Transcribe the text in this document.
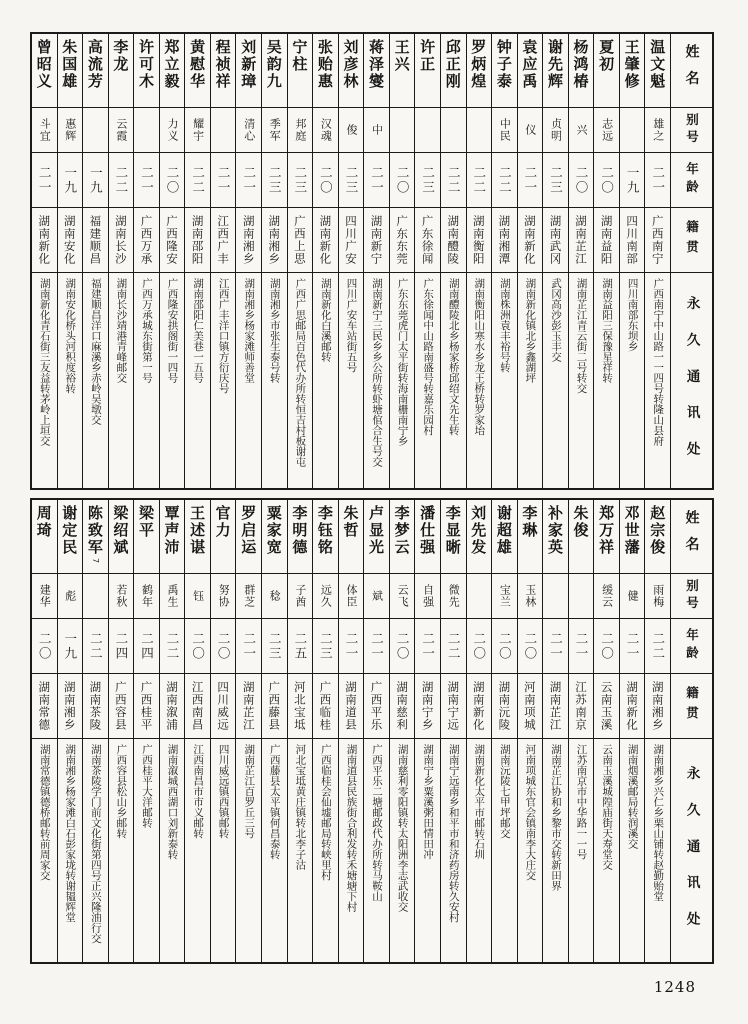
姓名
别号
年龄
籍贯
永久通讯处
温文魁
雄之
二一
广西南宁
广西南宁中山路一一四号转隆山县府
王肇修
一九
四川南部
四川南部东坝乡
夏初
志远
二〇
湖南益阳
湖南益阳三保豫星祥转
杨鸿椿
兴
二〇
湖南芷江
湖南芷江青云街二号转交
谢先辉
贞明
二三
湖南武冈
武冈高沙彭玉丰交
袁应禹
仪
二一
湖南新化
湖南新化镇北乡鑫湖坪
钟子泰
中民
二二
湖南湘潭
湖南株洲袁丰裕号转
罗炳煌
二二
湖南衡阳
湖南衡阳山寒水乡龙王桥转罗家坮
邱正刚
二二
湖南醴陵
湖南醴陵北乡杨家桥邱绍文先生转
许正
二三
广东徐闻
广东徐闻中山路南盛号转嘉乐园村
王兴
二〇
广东东莞
广东东莞虎门太平街转海南栅南宁乡
蒋泽燮
中
二一
湖南新宁
湖南新宁三民乡乡公所转虾塘倌合生号交
刘彦林
俊
二三
四川广安
四川广安车站街五号
张贻惠
汉魂
二〇
湖南新化
湖南新化白溪邮转
宁柱
邦庭
二三
广西上思
广西广思邮局百色代办所转恒吉村板谢屯
吴韵九
季军
二三
湖南湘乡
湖南湘乡市张生泰号转
刘新璋
清心
二一
湖南湘乡
湖南湘乡杨家滩师善堂
程祯祥
二一
江西广丰
江西广丰洋口镇方衍庆号
黄慰华
耀宇
二二
湖南邵阳
湖南邵阳仁美巷一五号
郑立毅
力义
二〇
广西隆安
广西隆安拱阁街一四号
许可木
二一
广西万承
广西万承城东街第一号
李龙
云霞
二二
湖南长沙
湖南长沙靖港青峰邮交
高流芳
一九
福建顺昌
福建顺昌洋口麻溪乡赤岭吴墩交
朱国雄
惠辉
一九
湖南安化
湖南安化桥头河积度裕转
曾昭义
斗宜
二一
湖南新化
湖南新化青石街三友益转茅岭上垣交
姓名
别号
年龄
籍贯
永久通讯处
赵宗俊
雨梅
二二
湖南湘乡
湖南湘乡兴仁乡栗山铺转赵勤贻堂
邓世藩
健
二一
湖南新化
湖南烟溪邮局转润溪交
郑万祥
缓云
二〇
云南玉溪
云南玉溪城隍庙街天寿堂交
朱俊
二一
江苏南京
江苏南京市中华路一一号
补家英
二一
湖南芷江
湖南芷江协和乡黎市交转新田界
李琳
玉林
二〇
河南项城
河南项城东官会镇南李大庄交
谢超雄
宝兰
二〇
湖南沅陵
湖南沅陵七甲坪邮交
刘先发
二〇
湖南新化
湖南新化太平市邮转石圳
李显晰
微先
二二
湖南宁远
湖南宁远南乡和平市和济药房转久安村
潘仕强
自强
二一
湖南宁乡
湖南宁乡粟溪粥田情田冲
李梦云
云飞
二〇
湖南慈利
湖南慈利零阳镇转太阳洲李志武收交
卢显光
斌
二一
广西平乐
广西平乐二塘邮政代办所转马鞍山
朱哲
体臣
二一
湖南道县
湖南道县民族街合利发转禾塘塘下村
李钰铭
远久
二三
广西临桂
广西临桂会仙墟邮局转峡里村
李明德
子酋
二五
河北宝坻
河北宝坻黄庄镇转北李子沽
粟家宽
稔
二三
广西藤县
广西藤县太平镇何昌泰转
罗启运
群芝
二一
湖南芷江
湖南芷江百罗丘三号
官力
努协
二〇
四川威远
四川威远镇西镇邮转
王述谌
钰
二〇
江西南昌
江西南昌市市义邮转
覃声沛
禹生
二二
湖南溆浦
湖南溆城西湖口刘新泰转
梁平
鹤年
二四
广西桂平
广西桂平大洋邮转
梁绍斌
若秋
二四
广西容县
广西容县松山乡邮转
陈致军
7
二二
湖南茶陵
湖南茶陵学门前文化街第四号正兴隆油行交
谢定民
彪
一九
湖南湘乡
湖南湘乡杨家滩白石彭家垅转谢韫辉堂
周琦
建华
二〇
湖南常德
湖南常德镇德桥邮转前周家交
1248
